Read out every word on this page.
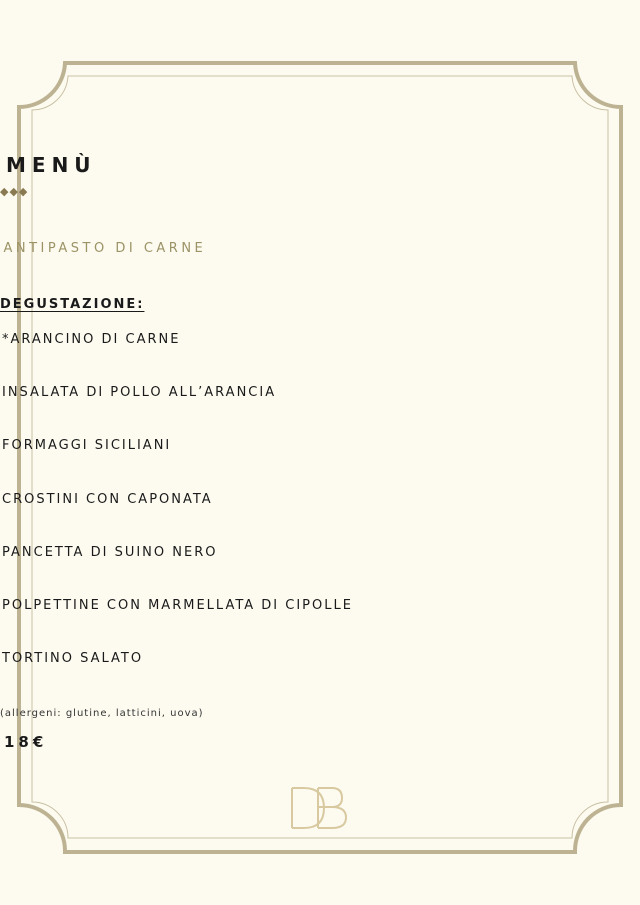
MENÙ
◆◆◆
ANTIPASTO DI CARNE
DEGUSTAZIONE:
*ARANCINO DI CARNE
INSALATA DI POLLO ALL’ARANCIA
FORMAGGI SICILIANI
CROSTINI CON CAPONATA
PANCETTA DI SUINO NERO
POLPETTINE CON MARMELLATA DI CIPOLLE
TORTINO SALATO
(allergeni: glutine, latticini, uova)
18€
